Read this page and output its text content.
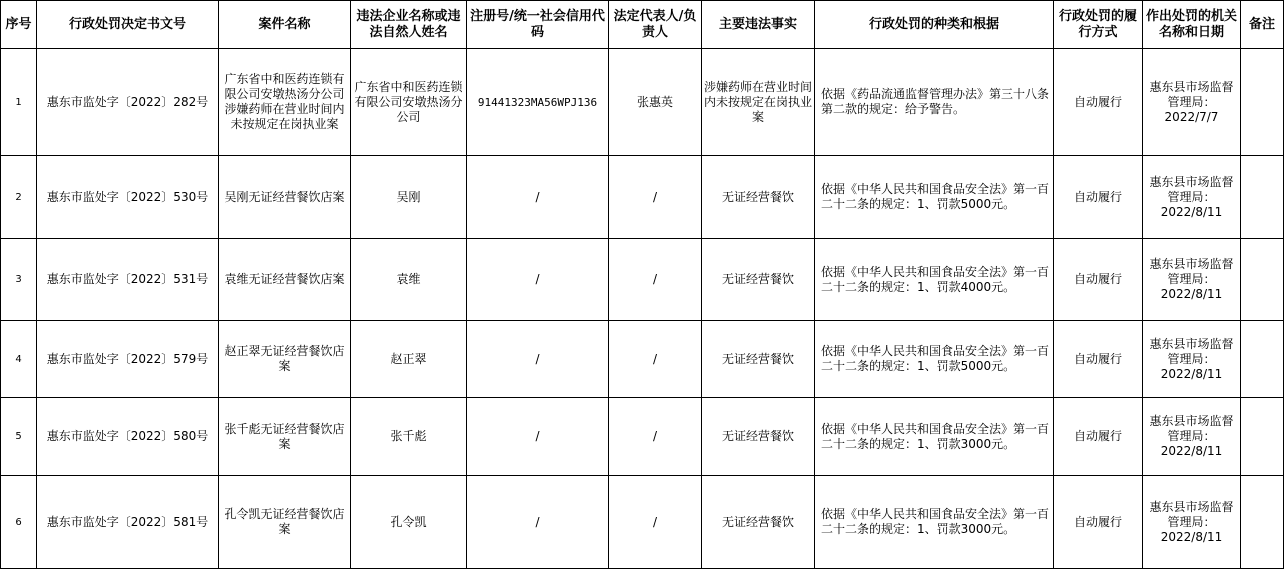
序号	行政处罚决定书文号	案件名称	违法企业名称或违法自然人姓名	注册号/统一社会信用代码	法定代表人/负责人	主要违法事实	行政处罚的种类和根据	行政处罚的履行方式	作出处罚的机关名称和日期	备注
1	惠东市监处字〔2022〕282号	广东省中和医药连锁有限公司安墩热汤分公司涉嫌药师在营业时间内未按规定在岗执业案	广东省中和医药连锁有限公司安墩热汤分公司	91441323MA56WPJ136	张惠英	涉嫌药师在营业时间内未按规定在岗执业案	依据《药品流通监督管理办法》第三十八条第二款的规定：给予警告。	自动履行	惠东县市场监督管理局：2022/7/7	
2	惠东市监处字〔2022〕530号	吴刚无证经营餐饮店案	吴刚	/	/	无证经营餐饮	依据《中华人民共和国食品安全法》第一百二十二条的规定：1、罚款5000元。	自动履行	惠东县市场监督管理局：2022/8/11	
3	惠东市监处字〔2022〕531号	袁维无证经营餐饮店案	袁维	/	/	无证经营餐饮	依据《中华人民共和国食品安全法》第一百二十二条的规定：1、罚款4000元。	自动履行	惠东县市场监督管理局：2022/8/11	
4	惠东市监处字〔2022〕579号	赵正翠无证经营餐饮店案	赵正翠	/	/	无证经营餐饮	依据《中华人民共和国食品安全法》第一百二十二条的规定：1、罚款5000元。	自动履行	惠东县市场监督管理局：2022/8/11	
5	惠东市监处字〔2022〕580号	张千彪无证经营餐饮店案	张千彪	/	/	无证经营餐饮	依据《中华人民共和国食品安全法》第一百二十二条的规定：1、罚款3000元。	自动履行	惠东县市场监督管理局：2022/8/11	
6	惠东市监处字〔2022〕581号	孔令凯无证经营餐饮店案	孔令凯	/	/	无证经营餐饮	依据《中华人民共和国食品安全法》第一百二十二条的规定：1、罚款3000元。	自动履行	惠东县市场监督管理局：2022/8/11	
